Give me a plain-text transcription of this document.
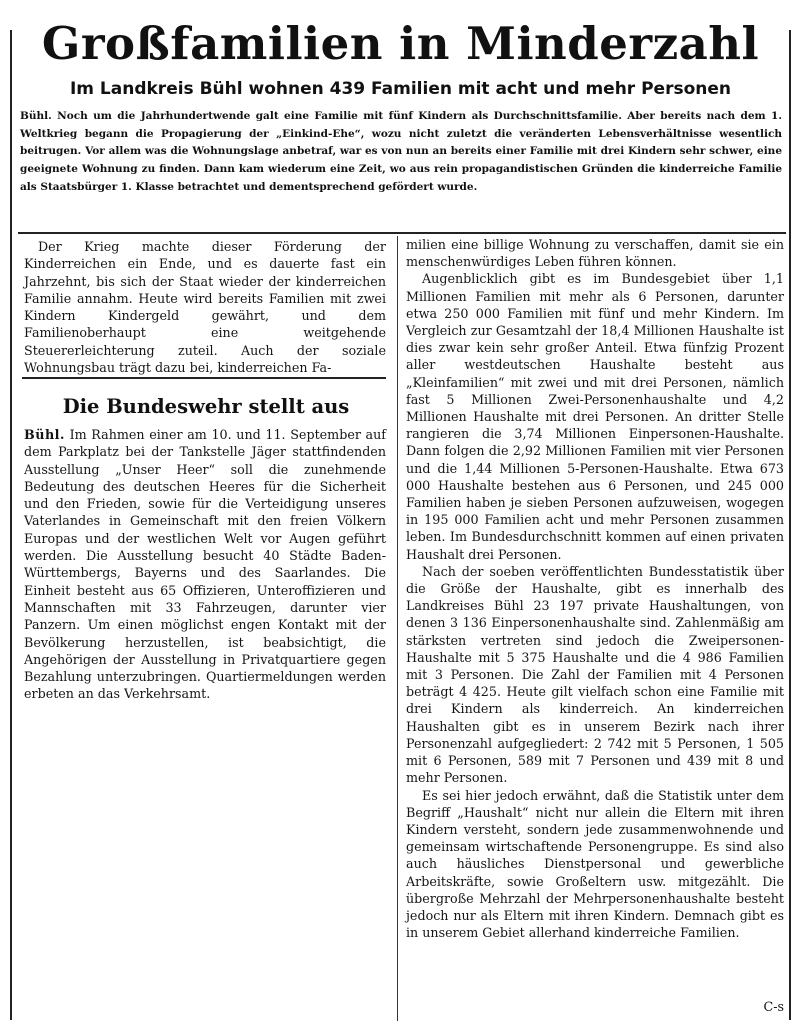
Großfamilien in Minderzahl
Im Landkreis Bühl wohnen 439 Familien mit acht und mehr Personen

Bühl. Noch um die Jahrhundertwende galt eine Familie mit fünf Kindern als Durchschnittsfamilie. Aber bereits nach dem 1. Weltkrieg begann die Propagierung der „Einkind-Ehe“, wozu nicht zuletzt die veränderten Lebensverhältnisse wesentlich beitrugen. Vor allem was die Wohnungslage anbetraf, war es von nun an bereits einer Familie mit drei Kindern sehr schwer, eine geeignete Wohnung zu finden. Dann kam wiederum eine Zeit, wo aus rein propagandistischen Gründen die kinderreiche Familie als Staatsbürger 1. Klasse betrachtet und dementsprechend gefördert wurde.

Der Krieg machte dieser Förderung der Kinderreichen ein Ende, und es dauerte fast ein Jahrzehnt, bis sich der Staat wieder der kinderreichen Familie annahm. Heute wird bereits Familien mit zwei Kindern Kindergeld gewährt, und dem Familienoberhaupt eine weitgehende Steuererleichterung zuteil. Auch der soziale Wohnungsbau trägt dazu bei, kinderreichen Fa-

Die Bundeswehr stellt aus

Bühl. Im Rahmen einer am 10. und 11. September auf dem Parkplatz bei der Tankstelle Jäger stattfindenden Ausstellung „Unser Heer“ soll die zunehmende Bedeutung des deutschen Heeres für die Sicherheit und den Frieden, sowie für die Verteidigung unseres Vaterlandes in Gemeinschaft mit den freien Völkern Europas und der westlichen Welt vor Augen geführt werden. Die Ausstellung besucht 40 Städte Baden-Württembergs, Bayerns und des Saarlandes. Die Einheit besteht aus 65 Offizieren, Unteroffizieren und Mannschaften mit 33 Fahrzeugen, darunter vier Panzern. Um einen möglichst engen Kontakt mit der Bevölkerung herzustellen, ist beabsichtigt, die Angehörigen der Ausstellung in Privatquartiere gegen Bezahlung unterzubringen. Quartiermeldungen werden erbeten an das Verkehrsamt.

milien eine billige Wohnung zu verschaffen, damit sie ein menschenwürdiges Leben führen können.
Augenblicklich gibt es im Bundesgebiet über 1,1 Millionen Familien mit mehr als 6 Personen, darunter etwa 250 000 Familien mit fünf und mehr Kindern. Im Vergleich zur Gesamtzahl der 18,4 Millionen Haushalte ist dies zwar kein sehr großer Anteil. Etwa fünfzig Prozent aller westdeutschen Haushalte besteht aus „Kleinfamilien“ mit zwei und mit drei Personen, nämlich fast 5 Millionen Zwei-Personenhaushalte und 4,2 Millionen Haushalte mit drei Personen. An dritter Stelle rangieren die 3,74 Millionen Einpersonen-Haushalte. Dann folgen die 2,92 Millionen Familien mit vier Personen und die 1,44 Millionen 5-Personen-Haushalte. Etwa 673 000 Haushalte bestehen aus 6 Personen, und 245 000 Familien haben je sieben Personen aufzuweisen, wogegen in 195 000 Familien acht und mehr Personen zusammen leben. Im Bundesdurchschnitt kommen auf einen privaten Haushalt drei Personen.
Nach der soeben veröffentlichten Bundesstatistik über die Größe der Haushalte, gibt es innerhalb des Landkreises Bühl 23 197 private Haushaltungen, von denen 3 136 Einpersonenhaushalte sind. Zahlenmäßig am stärksten vertreten sind jedoch die Zweipersonen-Haushalte mit 5 375 Haushalte und die 4 986 Familien mit 3 Personen. Die Zahl der Familien mit 4 Personen beträgt 4 425. Heute gilt vielfach schon eine Familie mit drei Kindern als kinderreich. An kinderreichen Haushalten gibt es in unserem Bezirk nach ihrer Personenzahl aufgegliedert: 2 742 mit 5 Personen, 1 505 mit 6 Personen, 589 mit 7 Personen und 439 mit 8 und mehr Personen.
Es sei hier jedoch erwähnt, daß die Statistik unter dem Begriff „Haushalt“ nicht nur allein die Eltern mit ihren Kindern versteht, sondern jede zusammenwohnende und gemeinsam wirtschaftende Personengruppe. Es sind also auch häusliches Dienstpersonal und gewerbliche Arbeitskräfte, sowie Großeltern usw. mitgezählt. Die übergroße Mehrzahl der Mehrpersonenhaushalte besteht jedoch nur als Eltern mit ihren Kindern. Demnach gibt es in unserem Gebiet allerhand kinderreiche Familien.

C-s
